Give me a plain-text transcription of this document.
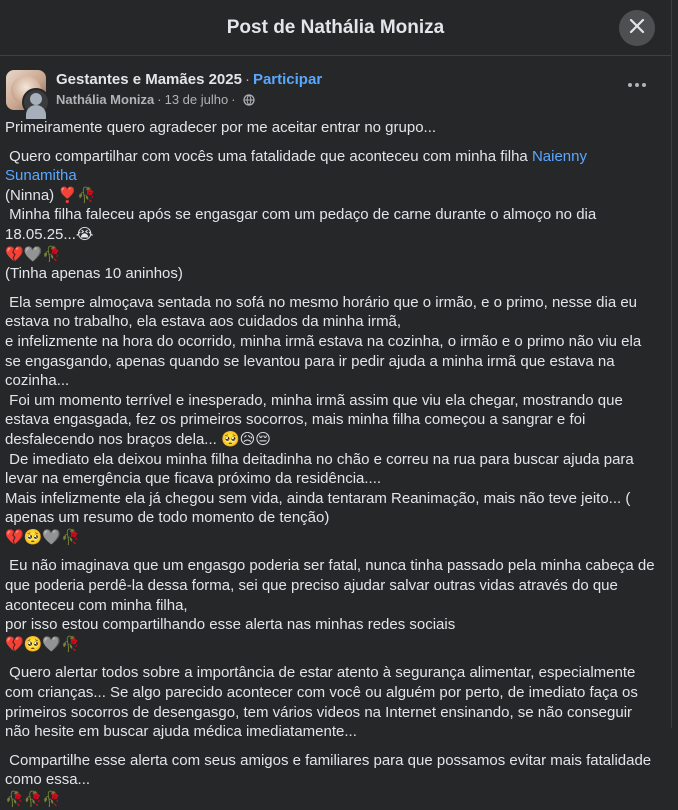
Post de Nathália Moniza
Gestantes e Mamães 2025 · Participar
Nathália Moniza · 13 de julho ·
Primeiramente quero agradecer por me aceitar entrar no grupo...
Quero compartilhar com vocês uma fatalidade que aconteceu com minha filha Naienny Sunamitha
(Ninna) ❣️🥀
Minha filha faleceu após se engasgar com um pedaço de carne durante o almoço no dia 18.05.25...😭
💔🩶🥀
(Tinha apenas 10 aninhos)
Ela sempre almoçava sentada no sofá no mesmo horário que o irmão, e o primo, nesse dia eu estava no trabalho, ela estava aos cuidados da minha irmã,
e infelizmente na hora do ocorrido, minha irmã estava na cozinha, o irmão e o primo não viu ela se engasgando, apenas quando se levantou para ir pedir ajuda a minha irmã que estava na cozinha...
Foi um momento terrível e inesperado, minha irmã assim que viu ela chegar, mostrando que estava engasgada, fez os primeiros socorros, mais minha filha começou a sangrar e foi desfalecendo nos braços dela... 🥺😥😔
De imediato ela deixou minha filha deitadinha no chão e correu na rua para buscar ajuda para levar na emergência que ficava próximo da residência....
Mais infelizmente ela já chegou sem vida, ainda tentaram Reanimação, mais não teve jeito... ( apenas um resumo de todo momento de tenção)
💔🥺🩶🥀
Eu não imaginava que um engasgo poderia ser fatal, nunca tinha passado pela minha cabeça de que poderia perdê-la dessa forma, sei que preciso ajudar salvar outras vidas através do que aconteceu com minha filha,
por isso estou compartilhando esse alerta nas minhas redes sociais
💔🥺🩶🥀
Quero alertar todos sobre a importância de estar atento à segurança alimentar, especialmente com crianças... Se algo parecido acontecer com você ou alguém por perto, de imediato faça os primeiros socorros de desengasgo, tem vários videos na Internet ensinando, se não conseguir não hesite em buscar ajuda médica imediatamente...
Compartilhe esse alerta com seus amigos e familiares para que possamos evitar mais fatalidade como essa...
🥀🥀🥀
